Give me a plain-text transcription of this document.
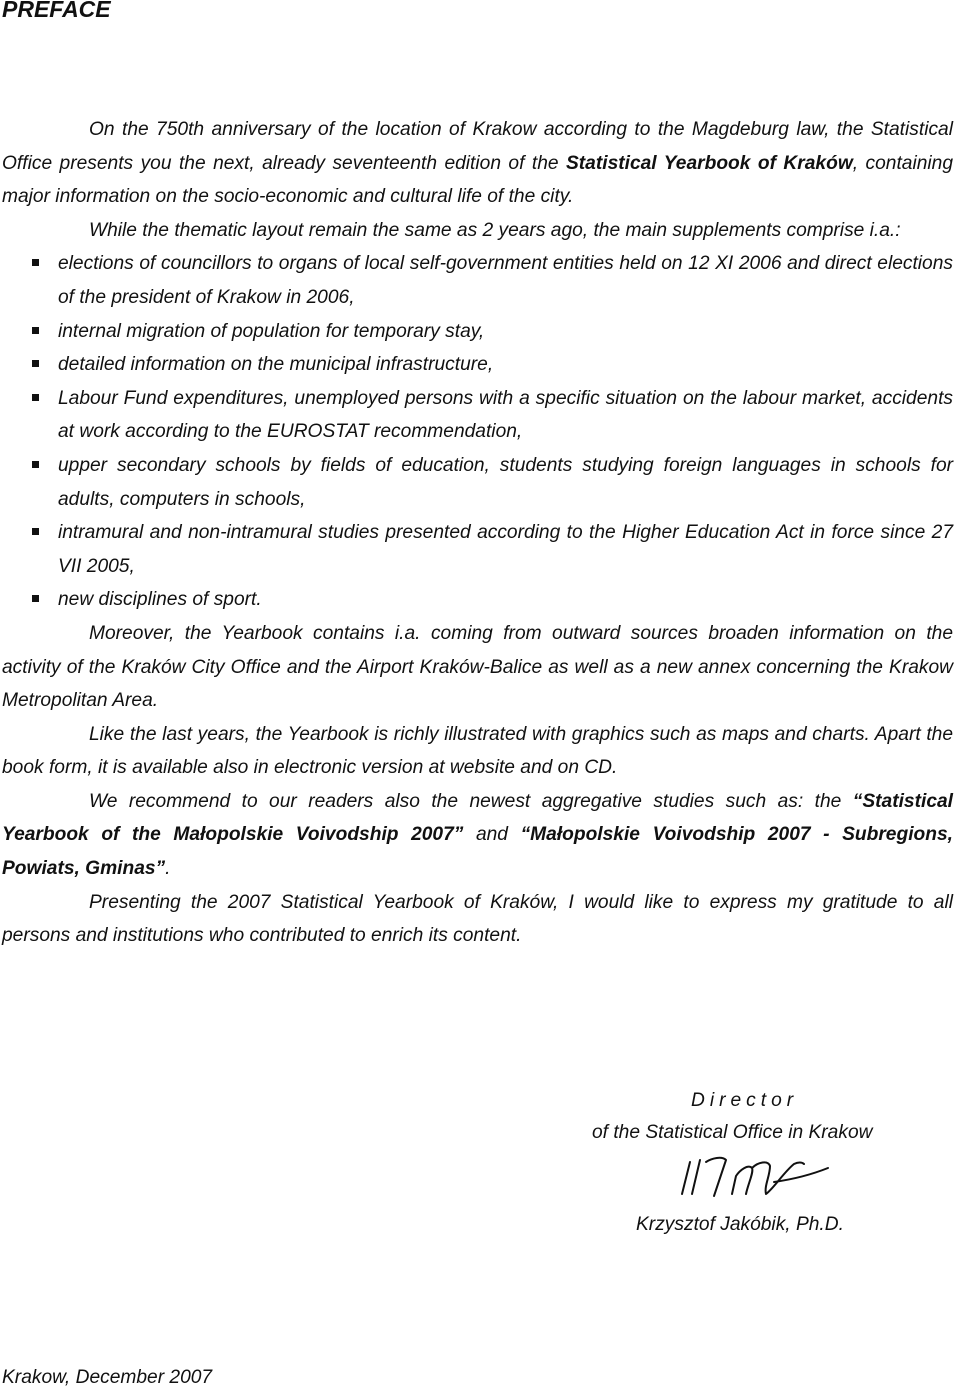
PREFACE

On the 750th anniversary of the location of Krakow according to the Magdeburg law, the Statistical Office presents you the next, already seventeenth edition of the Statistical Yearbook of Kraków, containing major information on the socio-economic and cultural life of the city.

While the thematic layout remain the same as 2 years ago, the main supplements comprise i.a.:

elections of councillors to organs of local self-government entities held on 12 XI 2006 and direct elections of the president of Krakow in 2006,
internal migration of population for temporary stay,
detailed information on the municipal infrastructure,
Labour Fund expenditures, unemployed persons with a specific situation on the labour market, accidents at work according to the EUROSTAT recommendation,
upper secondary schools by fields of education, students studying foreign languages in schools for adults, computers in schools,
intramural and non-intramural studies presented according to the Higher Education Act in force since 27 VII 2005,
new disciplines of sport.

Moreover, the Yearbook contains i.a. coming from outward sources broaden information on the activity of the Kraków City Office and the Airport Kraków-Balice as well as a new annex concerning the Krakow Metropolitan Area.

Like the last years, the Yearbook is richly illustrated with graphics such as maps and charts. Apart the book form, it is available also in electronic version at website and on CD.

We recommend to our readers also the newest aggregative studies such as: the “Statistical Yearbook of the Małopolskie Voivodship 2007” and “Małopolskie Voivodship 2007 - Subregions, Powiats, Gminas”.

Presenting the 2007 Statistical Yearbook of Kraków, I would like to express my gratitude to all persons and institutions who contributed to enrich its content.

Director
of the Statistical Office in Krakow
Krzysztof Jakóbik, Ph.D.
Krakow, December 2007
